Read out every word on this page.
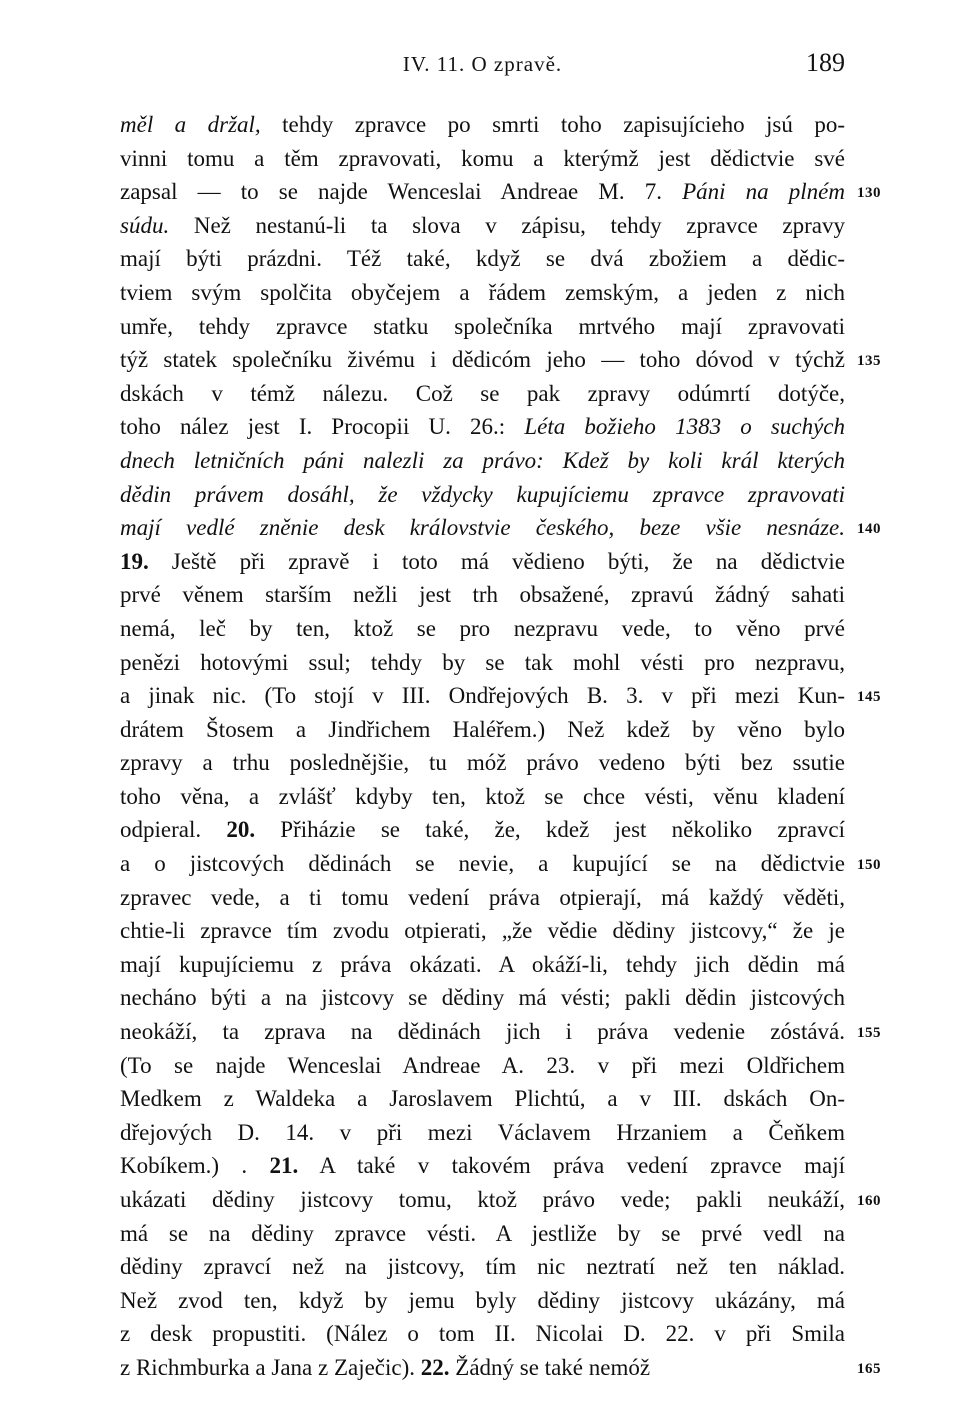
IV. 11. O zpravě.	189
měl a držal, tehdy zpravce po smrti toho zapisujícieho jsú po-
vinni tomu a těm zpravovati, komu a kterýmž jest dědictvie své
zapsal — to se najde Wenceslai Andreae M. 7. Páni na plném 130
súdu. Než nestanú-li ta slova v zápisu, tehdy zpravce zpravy
mají býti prázdni. Též také, když se dvá zbožiem a dědic-
tviem svým spolčita obyčejem a řádem zemským, a jeden z nich
umře, tehdy zpravce statku společníka mrtvého mají zpravovati
týž statek společníku živému i dědicóm jeho — toho dóvod v týchž 135
dskách v témž nálezu. Což se pak zpravy odúmrtí dotýče,
toho nález jest I. Procopii U. 26.: Léta božieho 1383 o suchých
dnech letničních páni nalezli za právo: Kdež by koli král kterých
dědin právem dosáhl, že vždycky kupujíciemu zpravce zpravovati
mají vedlé zněnie desk královstvie českého, beze všie nesnáze. 140
19. Ještě při zpravě i toto má vědieno býti, že na dědictvie
prvé věnem starším nežli jest trh obsažené, zpravú žádný sahati
nemá, leč by ten, ktož se pro nezpravu vede, to věno prvé
penězi hotovými ssul; tehdy by se tak mohl vésti pro nezpravu,
a jinak nic. (To stojí v III. Ondřejových B. 3. v při mezi Kun- 145
drátem Štosem a Jindřichem Haléřem.) Než kdež by věno bylo
zpravy a trhu poslednějšie, tu móž právo vedeno býti bez ssutie
toho věna, a zvlášť kdyby ten, ktož se chce vésti, věnu kladení
odpieral. 20. Přiházie se také, že, kdež jest několiko zpravcí
a o jistcových dědinách se nevie, a kupující se na dědictvie 150
zpravec vede, a ti tomu vedení práva otpierají, má každý věděti,
chtie-li zpravce tím zvodu otpierati, „že vědie dědiny jistcovy,“ že je
mají kupujíciemu z práva okázati. A okáží-li, tehdy jich dědin má
necháno býti a na jistcovy se dědiny má vésti; pakli dědin jistcových
neokáží, ta zprava na dědinách jich i práva vedenie zóstává. 155
(To se najde Wenceslai Andreae A. 23. v při mezi Oldřichem
Medkem z Waldeka a Jaroslavem Plichtú, a v III. dskách On-
dřejových D. 14. v při mezi Václavem Hrzaniem a Čeňkem
Kobíkem.) . 21. A také v takovém práva vedení zpravce mají
ukázati dědiny jistcovy tomu, ktož právo vede; pakli neukáží, 160
má se na dědiny zpravce vésti. A jestliže by se prvé vedl na
dědiny zpravcí než na jistcovy, tím nic neztratí než ten náklad.
Než zvod ten, když by jemu byly dědiny jistcovy ukázány, má
z desk propustiti. (Nález o tom II. Nicolai D. 22. v při Smila
z Richmburka a Jana z Zaječic). 22. Žádný se také nemóž	165
